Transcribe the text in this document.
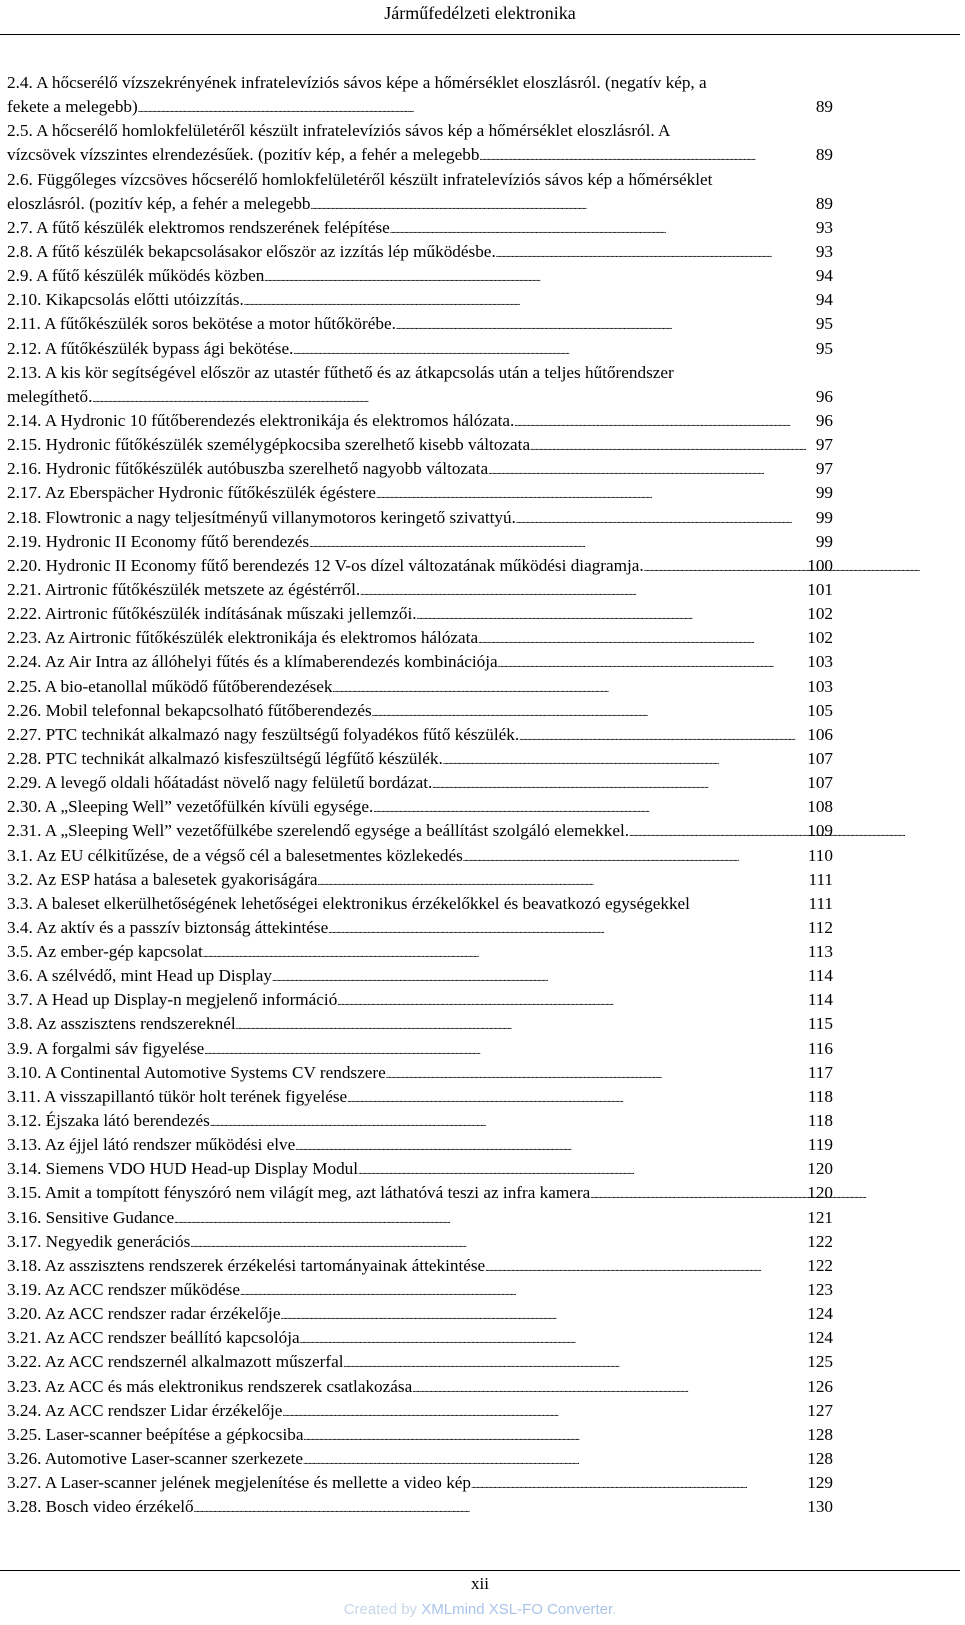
Járműfedélzeti elektronika
2.4. A hőcserélő vízszekrényének infratelevíziós sávos képe a hőmérséklet eloszlásról. (negatív kép, a
fekete a melegebb) . . .	89
2.5. A hőcserélő homlokfelületéről készült infratelevíziós sávos kép a hőmérséklet eloszlásról. A
vízcsövek vízszintes elrendezésűek. (pozitív kép, a fehér a melegebb . . .	89
2.6. Függőleges vízcsöves hőcserélő homlokfelületéről készült infratelevíziós sávos kép a hőmérséklet
eloszlásról. (pozitív kép, a fehér a melegebb . . .	89
2.7. A fűtő készülék elektromos rendszerének felépítése . . .	93
2.8. A fűtő készülék bekapcsolásakor először az izzítás lép működésbe. . . .	93
2.9. A fűtő készülék működés közben . . .	94
2.10. Kikapcsolás előtti utóizzítás. . . .	94
2.11. A fűtőkészülék soros bekötése a motor hűtőkörébe. . . .	95
2.12. A fűtőkészülék bypass ági bekötése. . . .	95
2.13. A kis kör segítségével először az utastér fűthető és az átkapcsolás után a teljes hűtőrendszer
melegíthető. . . .	96
2.14. A Hydronic 10 fűtőberendezés elektronikája és elektromos hálózata. . . .	96
2.15. Hydronic fűtőkészülék személygépkocsiba szerelhető kisebb változata . . .	97
2.16. Hydronic fűtőkészülék autóbuszba szerelhető nagyobb változata . . .	97
2.17. Az Eberspächer Hydronic fűtőkészülék égéstere . . .	99
2.18. Flowtronic a nagy teljesítményű villanymotoros keringető szivattyú. . . .	99
2.19. Hydronic II Economy fűtő berendezés . . .	99
2.20. Hydronic II Economy fűtő berendezés 12 V-os dízel változatának működési diagramja. . . .	100
2.21. Airtronic fűtőkészülék metszete az égéstérről. . . .	101
2.22. Airtronic fűtőkészülék indításának műszaki jellemzői. . . .	102
2.23. Az Airtronic fűtőkészülék elektronikája és elektromos hálózata . . .	102
2.24. Az Air Intra az állóhelyi fűtés és a klímaberendezés kombinációja . . .	103
2.25. A bio-etanollal működő fűtőberendezések . . .	103
2.26. Mobil telefonnal bekapcsolható fűtőberendezés . . .	105
2.27. PTC technikát alkalmazó nagy feszültségű folyadékos fűtő készülék. . . .	106
2.28. PTC technikát alkalmazó kisfeszültségű légfűtő készülék. . . .	107
2.29. A levegő oldali hőátadást növelő nagy felületű bordázat. . . .	107
2.30. A „Sleeping Well” vezetőfülkén kívüli egysége. . . .	108
2.31. A „Sleeping Well” vezetőfülkébe szerelendő egysége a beállítást szolgáló elemekkel. . . .	109
3.1. Az EU célkitűzése, de a végső cél a balesetmentes közlekedés . . .	110
3.2. Az ESP hatása a balesetek gyakoriságára . . .	111
3.3. A baleset elkerülhetőségének lehetőségei elektronikus érzékelőkkel és beavatkozó egységekkel	111
3.4. Az aktív és a passzív biztonság áttekintése . . .	112
3.5. Az ember-gép kapcsolat . . .	113
3.6. A szélvédő, mint Head up Display . . .	114
3.7. A Head up Display-n megjelenő információ . . .	114
3.8. Az asszisztens rendszereknél . . .	115
3.9. A forgalmi sáv figyelése . . .	116
3.10. A Continental Automotive Systems CV rendszere . . .	117
3.11. A visszapillantó tükör holt terének figyelése . . .	118
3.12. Éjszaka látó berendezés . . .	118
3.13. Az éjjel látó rendszer működési elve . . .	119
3.14. Siemens VDO HUD Head-up Display Modul . . .	120
3.15. Amit a tompított fényszóró nem világít meg, azt láthatóvá teszi az infra kamera . . .	120
3.16. Sensitive Gudance . . .	121
3.17. Negyedik generációs . . .	122
3.18. Az asszisztens rendszerek érzékelési tartományainak áttekintése . . .	122
3.19. Az ACC rendszer működése . . .	123
3.20. Az ACC rendszer radar érzékelője . . .	124
3.21. Az ACC rendszer beállító kapcsolója . . .	124
3.22. Az ACC rendszernél alkalmazott műszerfal . . .	125
3.23. Az ACC és más elektronikus rendszerek csatlakozása . . .	126
3.24. Az ACC rendszer Lidar érzékelője . . .	127
3.25. Laser-scanner beépítése a gépkocsiba . . .	128
3.26. Automotive Laser-scanner szerkezete . . .	128
3.27. A Laser-scanner jelének megjelenítése és mellette a video kép . . .	129
3.28. Bosch video érzékelő . . .	130
xii
Created by XMLmind XSL-FO Converter.
